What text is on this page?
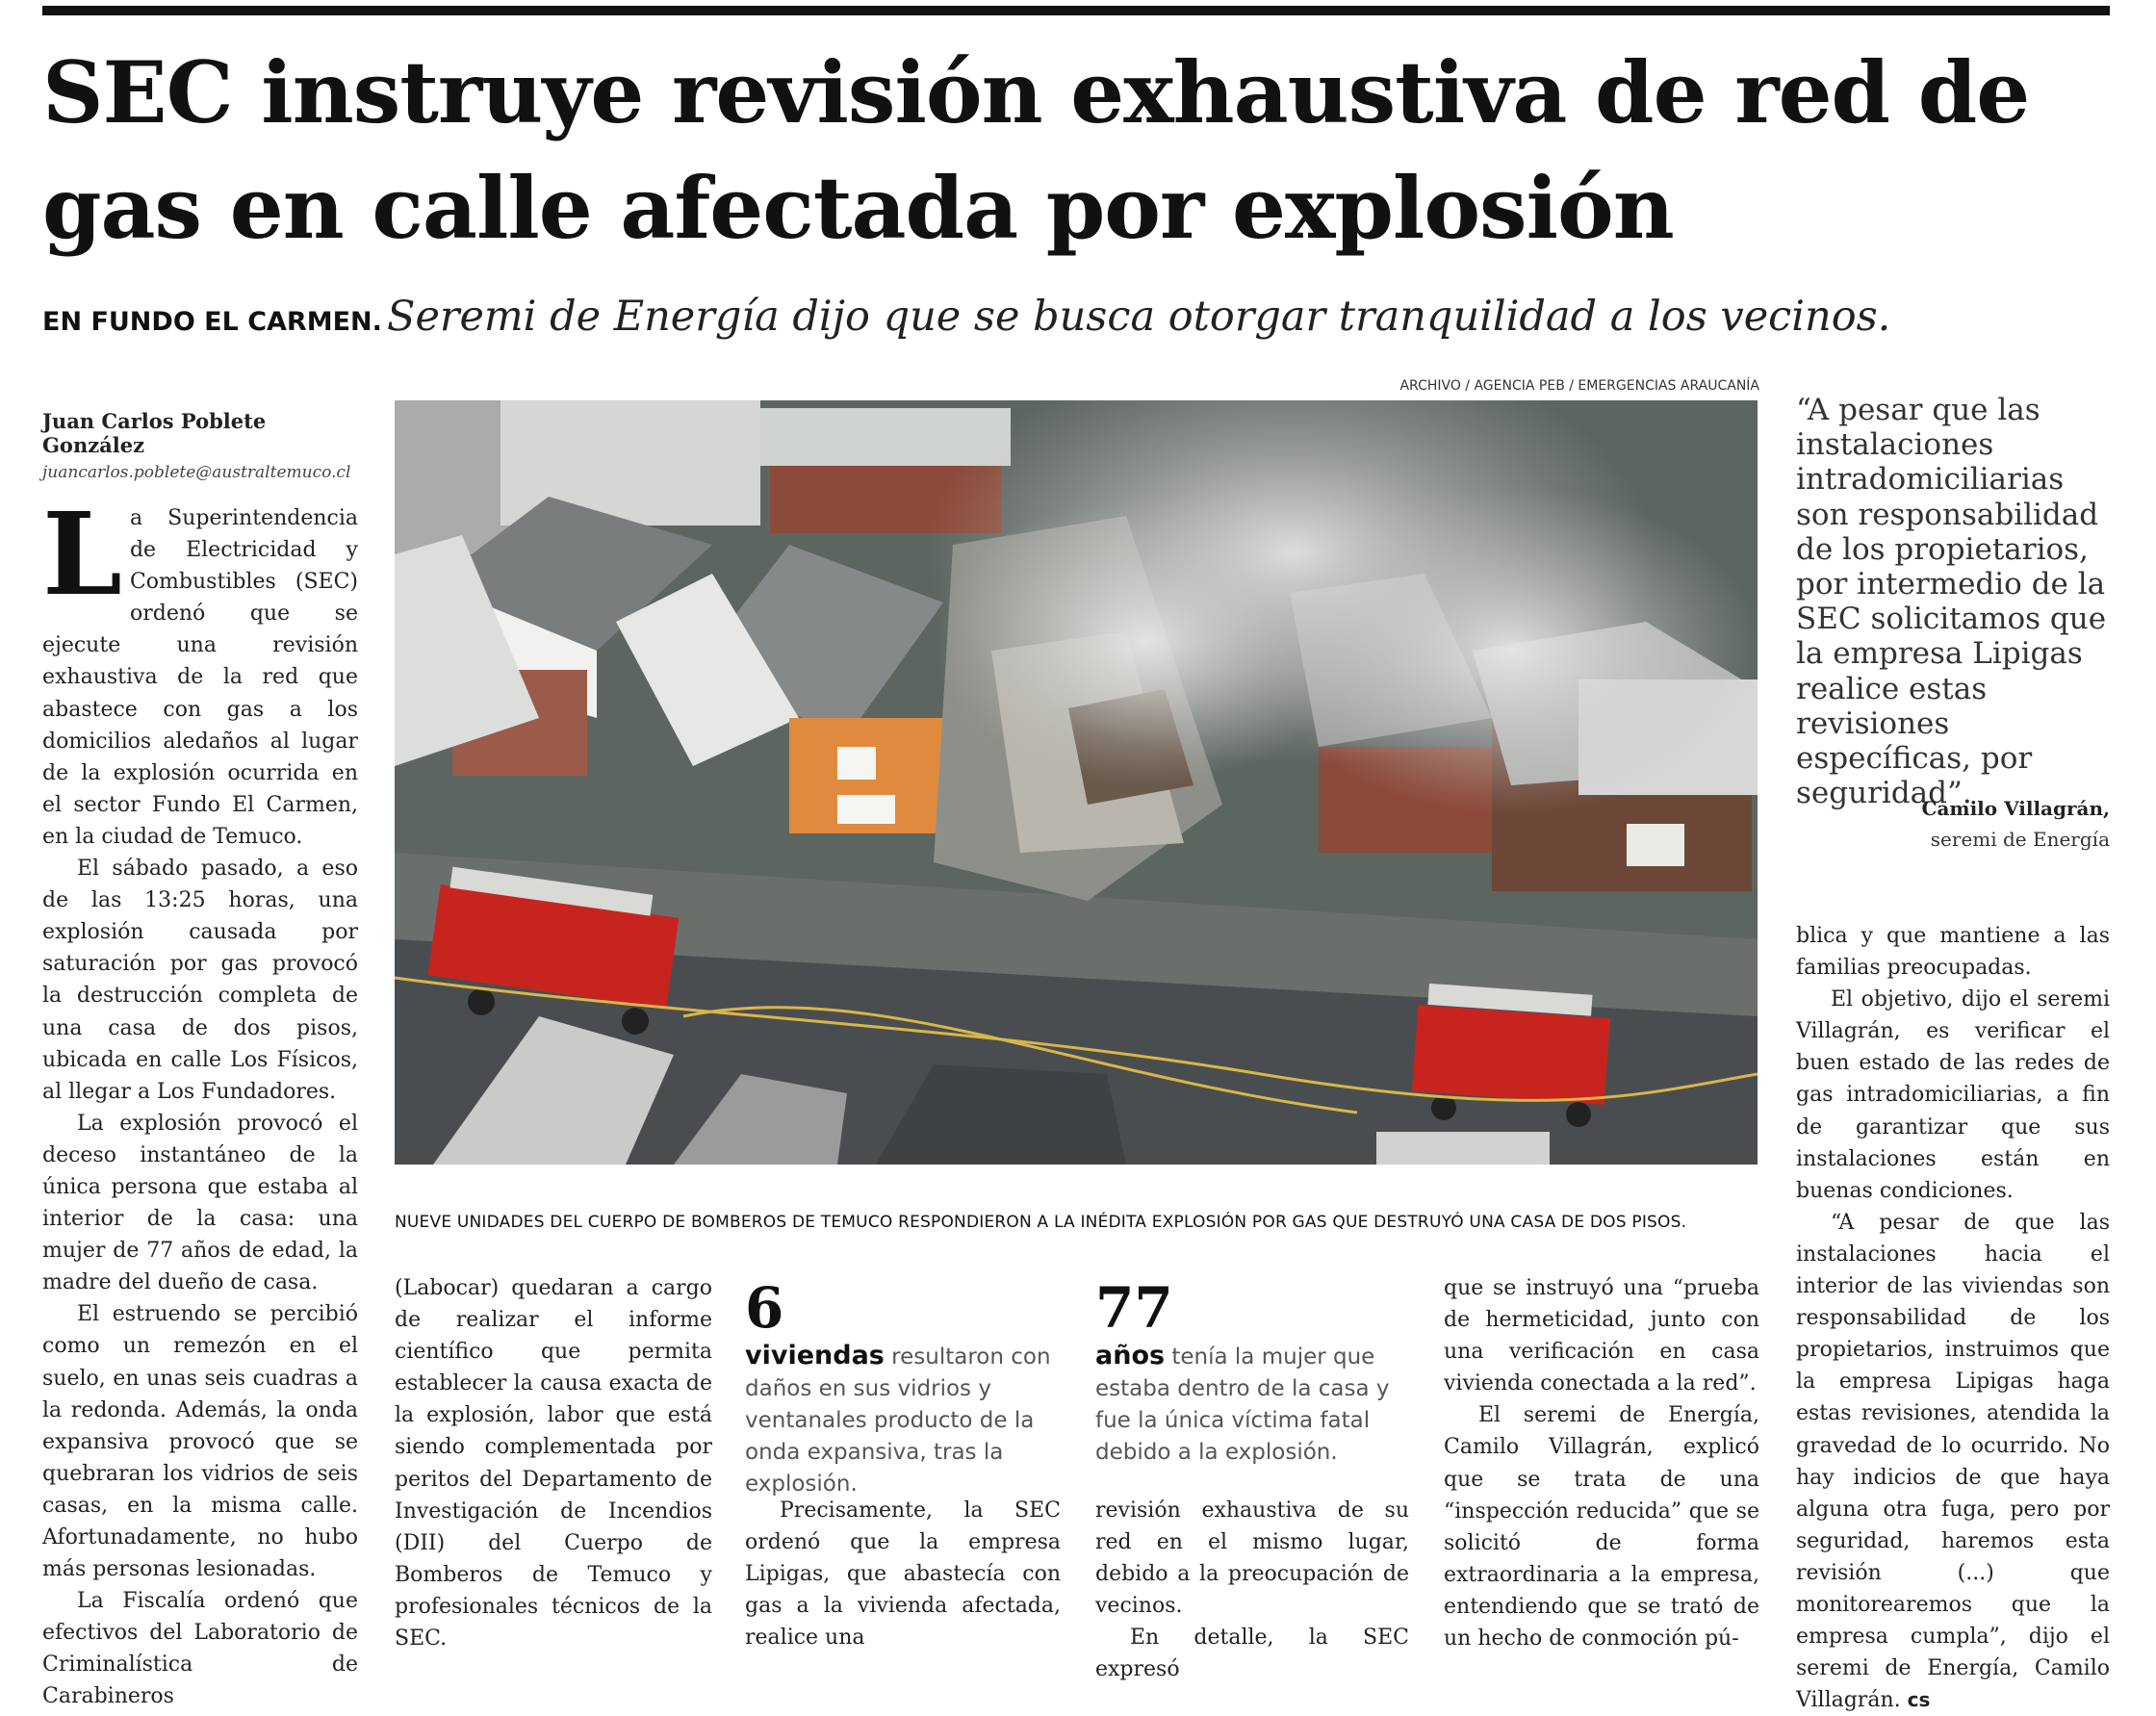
SEC instruye revisión exhaustiva de red de gas en calle afectada por explosión
EN FUNDO EL CARMEN. Seremi de Energía dijo que se busca otorgar tranquilidad a los vecinos.
ARCHIVO / AGENCIA PEB / EMERGENCIAS ARAUCANÍA
Juan Carlos Poblete González
juancarlos.poblete@australtemuco.cl

La Superintendencia de Electricidad y Combustibles (SEC) ordenó que se ejecute una revisión exhaustiva de la red que abastece con gas a los domicilios aledaños al lugar de la explosión ocurrida en el sector Fundo El Carmen, en la ciudad de Temuco.

El sábado pasado, a eso de las 13:25 horas, una explosión causada por saturación por gas provocó la destrucción completa de una casa de dos pisos, ubicada en calle Los Físicos, al llegar a Los Fundadores.

La explosión provocó el deceso instantáneo de la única persona que estaba al interior de la casa: una mujer de 77 años de edad, la madre del dueño de casa.

El estruendo se percibió como un remezón en el suelo, en unas seis cuadras a la redonda. Además, la onda expansiva provocó que se quebraran los vidrios de seis casas, en la misma calle. Afortunadamente, no hubo más personas lesionadas.

La Fiscalía ordenó que efectivos del Laboratorio de Criminalística de Carabineros

NUEVE UNIDADES DEL CUERPO DE BOMBEROS DE TEMUCO RESPONDIERON A LA INÉDITA EXPLOSIÓN POR GAS QUE DESTRUYÓ UNA CASA DE DOS PISOS.
“A pesar que las instalaciones intradomiciliarias son responsabilidad de los propietarios, por intermedio de la SEC solicitamos que la empresa Lipigas realice estas revisiones específicas, por seguridad”.
Camilo Villagrán,
seremi de Energía

(Labocar) quedaran a cargo de realizar el informe científico que permita establecer la causa exacta de la explosión, labor que está siendo complementada por peritos del Departamento de Investigación de Incendios (DII) del Cuerpo de Bomberos de Temuco y profesionales técnicos de la SEC.

6
viviendas resultaron con daños en sus vidrios y ventanales producto de la onda expansiva, tras la explosión.

Precisamente, la SEC ordenó que la empresa Lipigas, que abastecía con gas a la vivienda afectada, realice una

77
años tenía la mujer que estaba dentro de la casa y fue la única víctima fatal debido a la explosión.

revisión exhaustiva de su red en el mismo lugar, debido a la preocupación de vecinos.

En detalle, la SEC expresó

que se instruyó una “prueba de hermeticidad, junto con una verificación en casa vivienda conectada a la red”.

El seremi de Energía, Camilo Villagrán, explicó que se trata de una “inspección reducida” que se solicitó de forma extraordinaria a la empresa, entendiendo que se trató de un hecho de conmoción pú-

blica y que mantiene a las familias preocupadas.

El objetivo, dijo el seremi Villagrán, es verificar el buen estado de las redes de gas intradomiciliarias, a fin de garantizar que sus instalaciones están en buenas condiciones.

“A pesar de que las instalaciones hacia el interior de las viviendas son responsabilidad de los propietarios, instruimos que la empresa Lipigas haga estas revisiones, atendida la gravedad de lo ocurrido. No hay indicios de que haya alguna otra fuga, pero por seguridad, haremos esta revisión (...) que monitorearemos que la empresa cumpla”, dijo el seremi de Energía, Camilo Villagrán. cs
